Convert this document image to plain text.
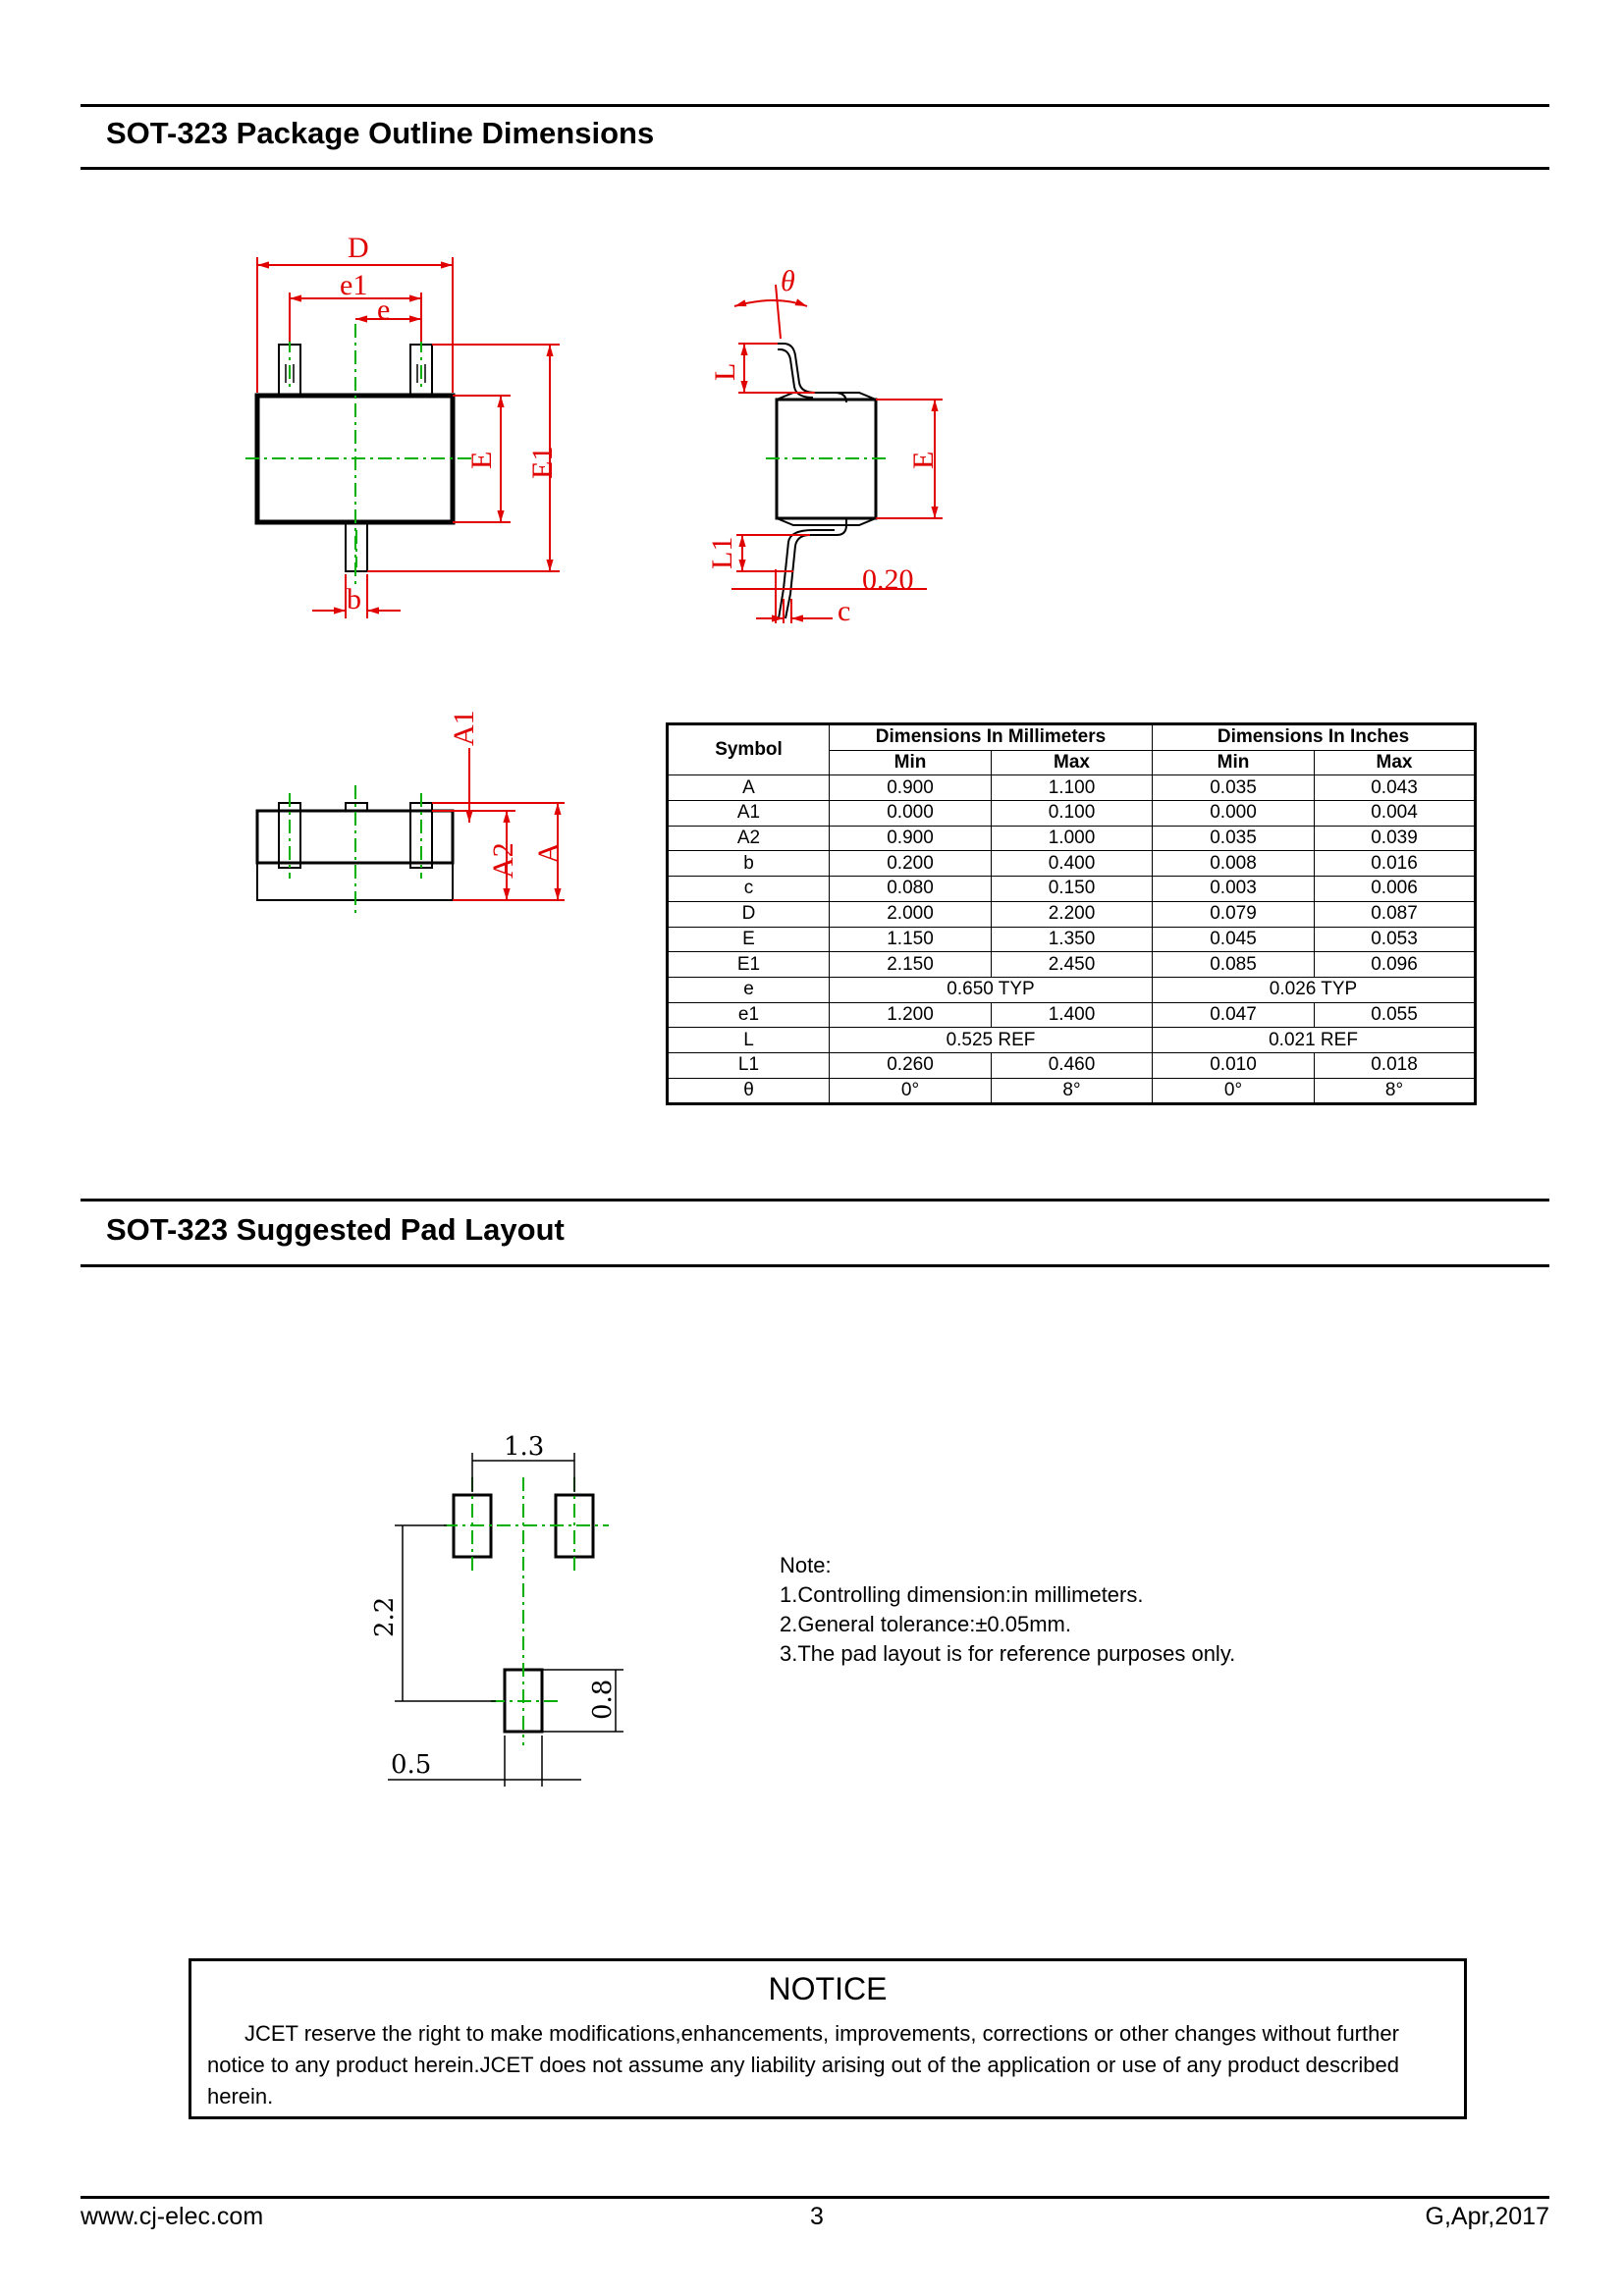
SOT-323 Package Outline Dimensions
D
e1
e
E E1
b
θ
L
E
L1
0.20
c
A1
A2 A
1.3
2.2
0.8
0.5
Symbol	Dimensions In Millimeters		Dimensions In Inches	
	Min	Max	Min	Max
A	0.900	1.100	0.035	0.043
A1	0.000	0.100	0.000	0.004
A2	0.900	1.000	0.035	0.039
b	0.200	0.400	0.008	0.016
c	0.080	0.150	0.003	0.006
D	2.000	2.200	0.079	0.087
E	1.150	1.350	0.045	0.053
E1	2.150	2.450	0.085	0.096
e	0.650 TYP		0.026 TYP	
e1	1.200	1.400	0.047	0.055
L	0.525 REF		0.021 REF	
L1	0.260	0.460	0.010	0.018
θ	0°	8°	0°	8°
SOT-323 Suggested Pad Layout
Note:
1.Controlling dimension:in millimeters.
2.General tolerance:±0.05mm.
3.The pad layout is for reference purposes only.
NOTICE
JCET reserve the right to make modifications,enhancements, improvements, corrections or other changes without further notice to any product herein.JCET does not assume any liability arising out of the application or use of any product described herein.
www.cj-elec.com	3	G,Apr,2017
